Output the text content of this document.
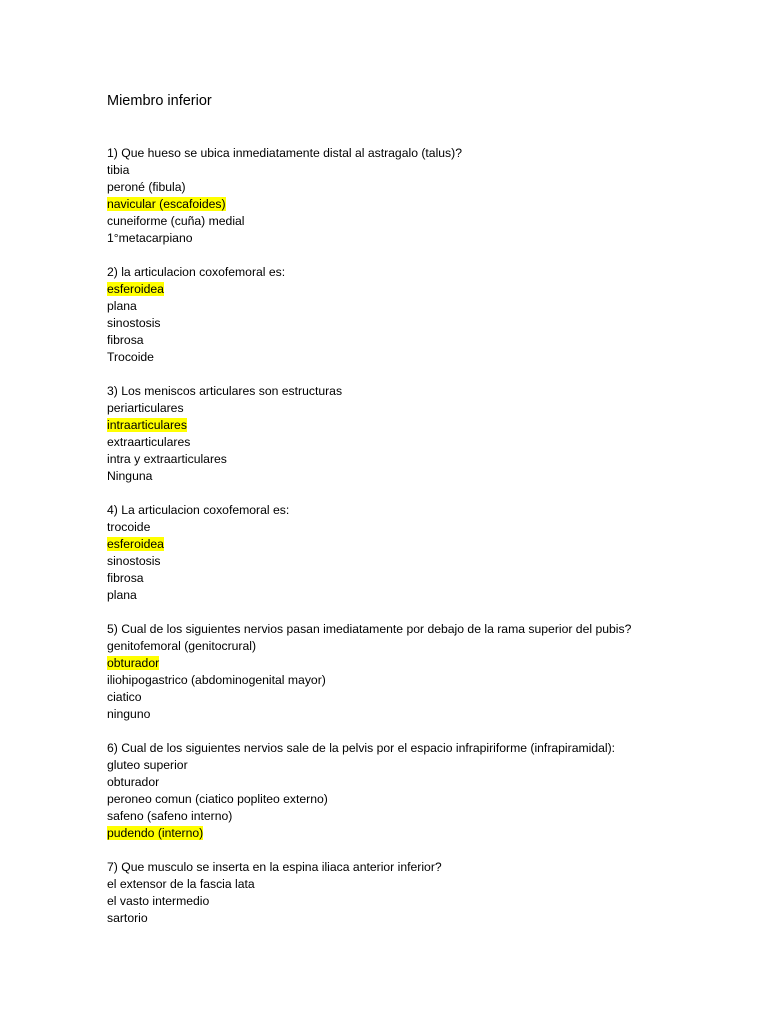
Miembro inferior
1) Que hueso se ubica inmediatamente distal al astragalo (talus)?
tibia
peroné (fibula)
navicular (escafoides)
cuneiforme (cuña) medial
1°metacarpiano
2) la articulacion coxofemoral es:
esferoidea
plana
sinostosis
fibrosa
Trocoide
3) Los meniscos articulares son estructuras
periarticulares
intraarticulares
extraarticulares
intra y extraarticulares
Ninguna
4) La articulacion coxofemoral es:
trocoide
esferoidea
sinostosis
fibrosa
plana
5) Cual de los siguientes nervios pasan imediatamente por debajo de la rama superior del pubis?
genitofemoral (genitocrural)
obturador
iliohipogastrico (abdominogenital mayor)
ciatico
ninguno
6) Cual de los siguientes nervios sale de la pelvis por el espacio infrapiriforme (infrapiramidal):
gluteo superior
obturador
peroneo comun (ciatico popliteo externo)
safeno (safeno interno)
pudendo (interno)
7) Que musculo se inserta en la espina iliaca anterior inferior?
el extensor de la fascia lata
el vasto intermedio
sartorio
